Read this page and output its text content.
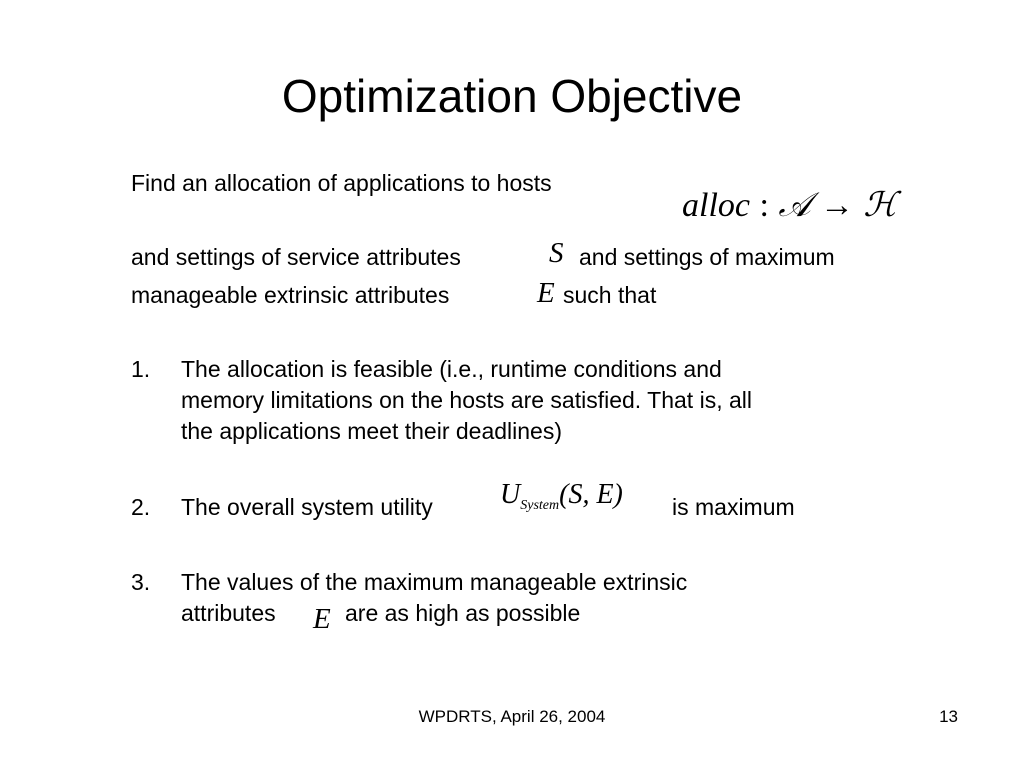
Optimization Objective
Find an allocation of applications to hosts
alloc : 𝒜 → ℋ
and settings of service attributes	S and settings of maximum
manageable extrinsic attributes	E such that
1. The allocation is feasible (i.e., runtime conditions and
memory limitations on the hosts are satisfied. That is, all
the applications meet their deadlines)
2. The overall system utility $U_{System}(S$, E) is maximum
3. The values of the maximum manageable extrinsic
attributes E are as high as possible
WPDRTS, April 26, 2004	13
